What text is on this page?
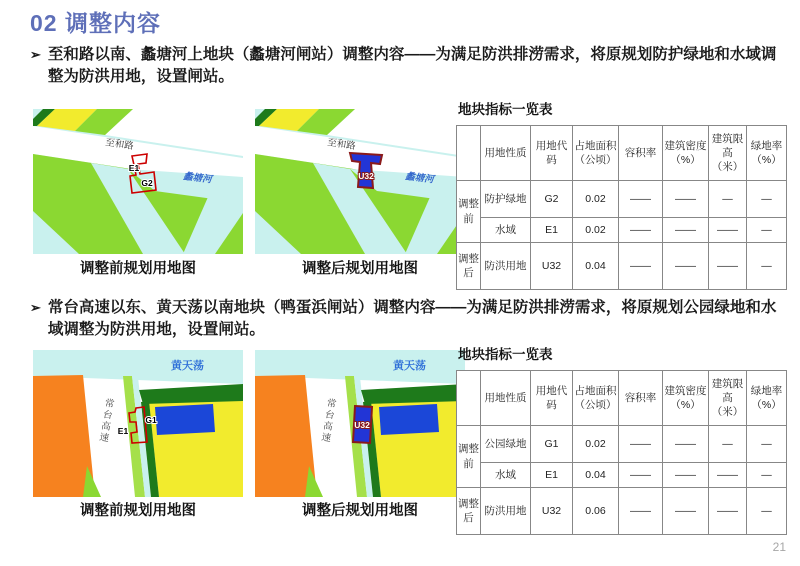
02 调整内容
➢ 至和路以南、蠡塘河上地块（蠡塘河闸站）调整内容——为满足防洪排涝需求，将原规划防护绿地和水域调整为防洪用地，设置闸站。
至和路
蠡塘河
E1
G2
至和路
蠡塘河
U32
调整前规划用地图	调整后规划用地图
地块指标一览表
	用地性质	用地代码	占地面积（公顷）	容积率	建筑密度（%）	建筑限高（米）	绿地率（%）
调整前	防护绿地	G2	0.02	——	——	—	—
	水域	E1	0.02	——	——	——	—
调整后	防洪用地	U32	0.04	——	——	——	—
➢ 常台高速以东、黄天荡以南地块（鸭蛋浜闸站）调整内容——为满足防洪排涝需求，将原规划公园绿地和水域调整为防洪用地，设置闸站。
黄天荡
常台高速 E1
G1
黄天荡
常台高速 U32
调整前规划用地图	调整后规划用地图
地块指标一览表
	用地性质	用地代码	占地面积（公顷）	容积率	建筑密度（%）	建筑限高（米）	绿地率（%）
调整前	公园绿地	G1	0.02	——	——	—	—
	水域	E1	0.04	——	——	——	—
调整后	防洪用地	U32	0.06	——	——	——	—
21
